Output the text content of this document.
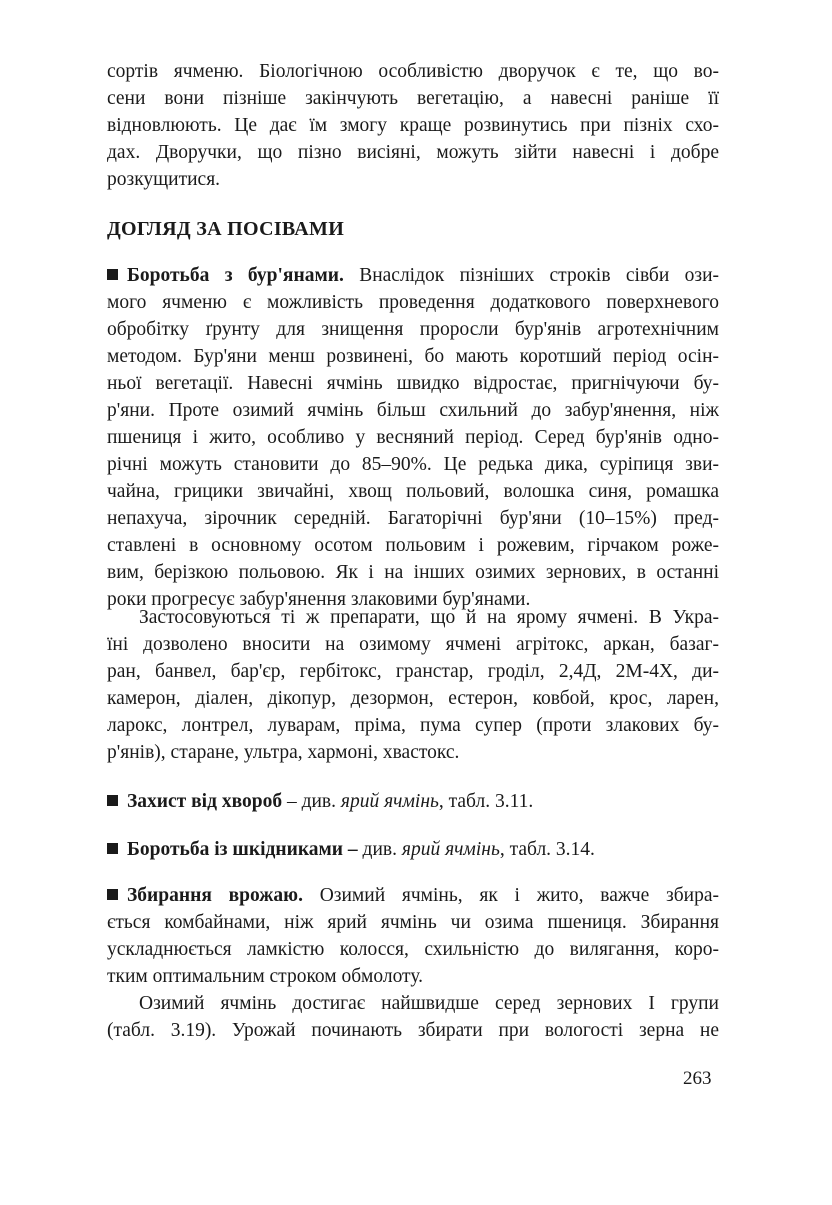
сортів ячменю. Біологічною особливістю дворучок є те, що во-
сени вони пізніше закінчують вегетацію, а навесні раніше її
відновлюють. Це дає їм змогу краще розвинутись при пізніх схо-
дах. Дворучки, що пізно висіяні, можуть зійти навесні і добре
розкущитися.
ДОГЛЯД ЗА ПОСІВАМИ
Боротьба з бур'янами. Внаслідок пізніших строків сівби ози-
мого ячменю є можливість проведення додаткового поверхневого
обробітку ґрунту для знищення проросли бур'янів агротехнічним
методом. Бур'яни менш розвинені, бо мають коротший період осін-
ньої вегетації. Навесні ячмінь швидко відростає, пригнічуючи бу-
р'яни. Проте озимий ячмінь більш схильний до забур'янення, ніж
пшениця і жито, особливо у весняний період. Серед бур'янів одно-
річні можуть становити до 85–90%. Це редька дика, суріпиця зви-
чайна, грицики звичайні, хвощ польовий, волошка синя, ромашка
непахуча, зірочник середній. Багаторічні бур'яни (10–15%) пред-
ставлені в основному осотом польовим і рожевим, гірчаком роже-
вим, берізкою польовою. Як і на інших озимих зернових, в останні
роки прогресує забур'янення злаковими бур'янами.
Застосовуються ті ж препарати, що й на ярому ячмені. В Укра-
їні дозволено вносити на озимому ячмені агрітокс, аркан, базаг-
ран, банвел, бар'єр, гербітокс, гранстар, гроділ, 2,4Д, 2М-4Х, ди-
камерон, діален, дікопур, дезормон, естерон, ковбой, крос, ларен,
ларокс, лонтрел, луварам, пріма, пума супер (проти злакових бу-
р'янів), старане, ультра, хармоні, хвастокс.
Захист від хвороб – див. ярий ячмінь, табл. 3.11.
Боротьба із шкідниками – див. ярий ячмінь, табл. 3.14.
Збирання врожаю. Озимий ячмінь, як і жито, важче збира-
ється комбайнами, ніж ярий ячмінь чи озима пшениця. Збирання
ускладнюється ламкістю колосся, схильністю до вилягання, коро-
тким оптимальним строком обмолоту.
Озимий ячмінь достигає найшвидше серед зернових І групи
(табл. 3.19). Урожай починають збирати при вологості зерна не
263
